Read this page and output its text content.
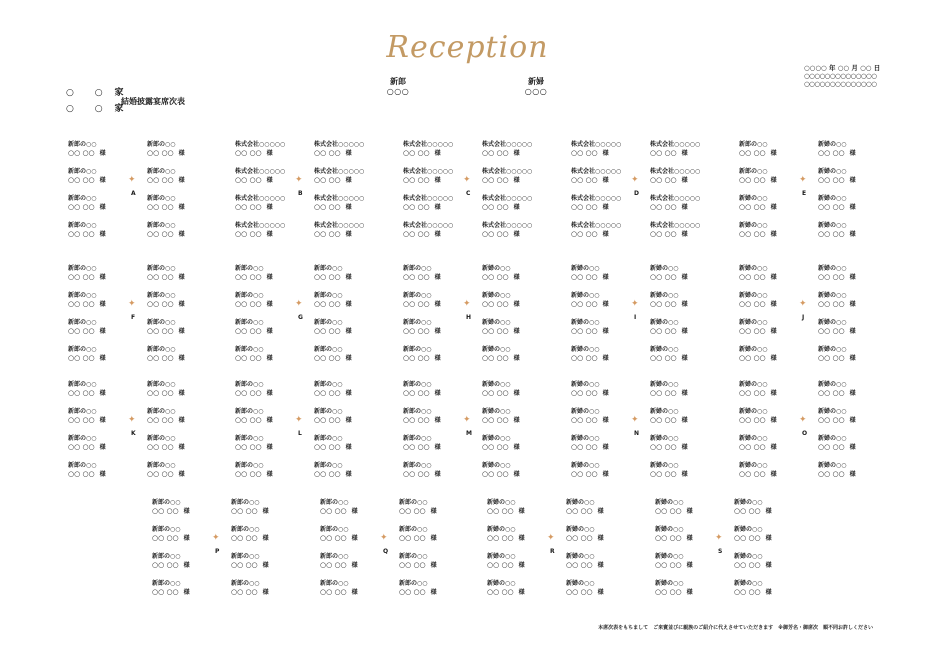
Reception
○○○○ 年 ○○ 月 ○○ 日
○○○○○○○○○○○○○○
○○○○○○○○○○○○○○
○ ○ 家
○ ○ 家
結婚披露宴席次表
新郎
○○○
新婦
○○○
新郎の○○
○○ ○○ 様
新郎の○○
○○ ○○ 様
新郎の○○
○○ ○○ 様
新郎の○○
○○ ○○ 様
新郎の○○
○○ ○○ 様
新郎の○○
○○ ○○ 様
新郎の○○
○○ ○○ 様
新郎の○○
○○ ○○ 様
✦
A
株式会社○○○○○
○○ ○○ 様
株式会社○○○○○
○○ ○○ 様
株式会社○○○○○
○○ ○○ 様
株式会社○○○○○
○○ ○○ 様
株式会社○○○○○
○○ ○○ 様
株式会社○○○○○
○○ ○○ 様
株式会社○○○○○
○○ ○○ 様
株式会社○○○○○
○○ ○○ 様
✦
B
株式会社○○○○○
○○ ○○ 様
株式会社○○○○○
○○ ○○ 様
株式会社○○○○○
○○ ○○ 様
株式会社○○○○○
○○ ○○ 様
株式会社○○○○○
○○ ○○ 様
株式会社○○○○○
○○ ○○ 様
株式会社○○○○○
○○ ○○ 様
株式会社○○○○○
○○ ○○ 様
✦
C
株式会社○○○○○
○○ ○○ 様
株式会社○○○○○
○○ ○○ 様
株式会社○○○○○
○○ ○○ 様
株式会社○○○○○
○○ ○○ 様
株式会社○○○○○
○○ ○○ 様
株式会社○○○○○
○○ ○○ 様
株式会社○○○○○
○○ ○○ 様
株式会社○○○○○
○○ ○○ 様
✦
D
新郎の○○
○○ ○○ 様
新婦の○○
○○ ○○ 様
新郎の○○
○○ ○○ 様
新婦の○○
○○ ○○ 様
新婦の○○
○○ ○○ 様
新婦の○○
○○ ○○ 様
新婦の○○
○○ ○○ 様
新婦の○○
○○ ○○ 様
✦
E
新郎の○○
○○ ○○ 様
新郎の○○
○○ ○○ 様
新郎の○○
○○ ○○ 様
新郎の○○
○○ ○○ 様
新郎の○○
○○ ○○ 様
新郎の○○
○○ ○○ 様
新郎の○○
○○ ○○ 様
新郎の○○
○○ ○○ 様
✦
F
新郎の○○
○○ ○○ 様
新郎の○○
○○ ○○ 様
新郎の○○
○○ ○○ 様
新郎の○○
○○ ○○ 様
新郎の○○
○○ ○○ 様
新郎の○○
○○ ○○ 様
新郎の○○
○○ ○○ 様
新郎の○○
○○ ○○ 様
✦
G
新郎の○○
○○ ○○ 様
新婦の○○
○○ ○○ 様
新郎の○○
○○ ○○ 様
新婦の○○
○○ ○○ 様
新郎の○○
○○ ○○ 様
新婦の○○
○○ ○○ 様
新郎の○○
○○ ○○ 様
新婦の○○
○○ ○○ 様
✦
H
新婦の○○
○○ ○○ 様
新婦の○○
○○ ○○ 様
新婦の○○
○○ ○○ 様
新婦の○○
○○ ○○ 様
新婦の○○
○○ ○○ 様
新婦の○○
○○ ○○ 様
新婦の○○
○○ ○○ 様
新婦の○○
○○ ○○ 様
✦
I
新婦の○○
○○ ○○ 様
新婦の○○
○○ ○○ 様
新婦の○○
○○ ○○ 様
新婦の○○
○○ ○○ 様
新婦の○○
○○ ○○ 様
新婦の○○
○○ ○○ 様
新婦の○○
○○ ○○ 様
新婦の○○
○○ ○○ 様
✦
J
新郎の○○
○○ ○○ 様
新郎の○○
○○ ○○ 様
新郎の○○
○○ ○○ 様
新郎の○○
○○ ○○ 様
新郎の○○
○○ ○○ 様
新郎の○○
○○ ○○ 様
新郎の○○
○○ ○○ 様
新郎の○○
○○ ○○ 様
✦
K
新郎の○○
○○ ○○ 様
新郎の○○
○○ ○○ 様
新郎の○○
○○ ○○ 様
新郎の○○
○○ ○○ 様
新郎の○○
○○ ○○ 様
新郎の○○
○○ ○○ 様
新郎の○○
○○ ○○ 様
新郎の○○
○○ ○○ 様
✦
L
新郎の○○
○○ ○○ 様
新婦の○○
○○ ○○ 様
新郎の○○
○○ ○○ 様
新婦の○○
○○ ○○ 様
新郎の○○
○○ ○○ 様
新婦の○○
○○ ○○ 様
新郎の○○
○○ ○○ 様
新婦の○○
○○ ○○ 様
✦
M
新婦の○○
○○ ○○ 様
新婦の○○
○○ ○○ 様
新婦の○○
○○ ○○ 様
新婦の○○
○○ ○○ 様
新婦の○○
○○ ○○ 様
新婦の○○
○○ ○○ 様
新婦の○○
○○ ○○ 様
新婦の○○
○○ ○○ 様
✦
N
新婦の○○
○○ ○○ 様
新婦の○○
○○ ○○ 様
新婦の○○
○○ ○○ 様
新婦の○○
○○ ○○ 様
新婦の○○
○○ ○○ 様
新婦の○○
○○ ○○ 様
新婦の○○
○○ ○○ 様
新婦の○○
○○ ○○ 様
✦
O
新郎の○○
○○ ○○ 様
新郎の○○
○○ ○○ 様
新郎の○○
○○ ○○ 様
新郎の○○
○○ ○○ 様
新郎の○○
○○ ○○ 様
新郎の○○
○○ ○○ 様
新郎の○○
○○ ○○ 様
新郎の○○
○○ ○○ 様
✦
P
新郎の○○
○○ ○○ 様
新郎の○○
○○ ○○ 様
新郎の○○
○○ ○○ 様
新郎の○○
○○ ○○ 様
新郎の○○
○○ ○○ 様
新郎の○○
○○ ○○ 様
新郎の○○
○○ ○○ 様
新郎の○○
○○ ○○ 様
✦
Q
新婦の○○
○○ ○○ 様
新婦の○○
○○ ○○ 様
新婦の○○
○○ ○○ 様
新婦の○○
○○ ○○ 様
新婦の○○
○○ ○○ 様
新婦の○○
○○ ○○ 様
新婦の○○
○○ ○○ 様
新婦の○○
○○ ○○ 様
✦
R
新婦の○○
○○ ○○ 様
新婦の○○
○○ ○○ 様
新婦の○○
○○ ○○ 様
新婦の○○
○○ ○○ 様
新婦の○○
○○ ○○ 様
新婦の○○
○○ ○○ 様
新婦の○○
○○ ○○ 様
新婦の○○
○○ ○○ 様
✦
S
本席次表をもちまして　ご来賓並びに親族のご紹介に代えさせていただきます　※御芳名・御席次　順不同お許しください
